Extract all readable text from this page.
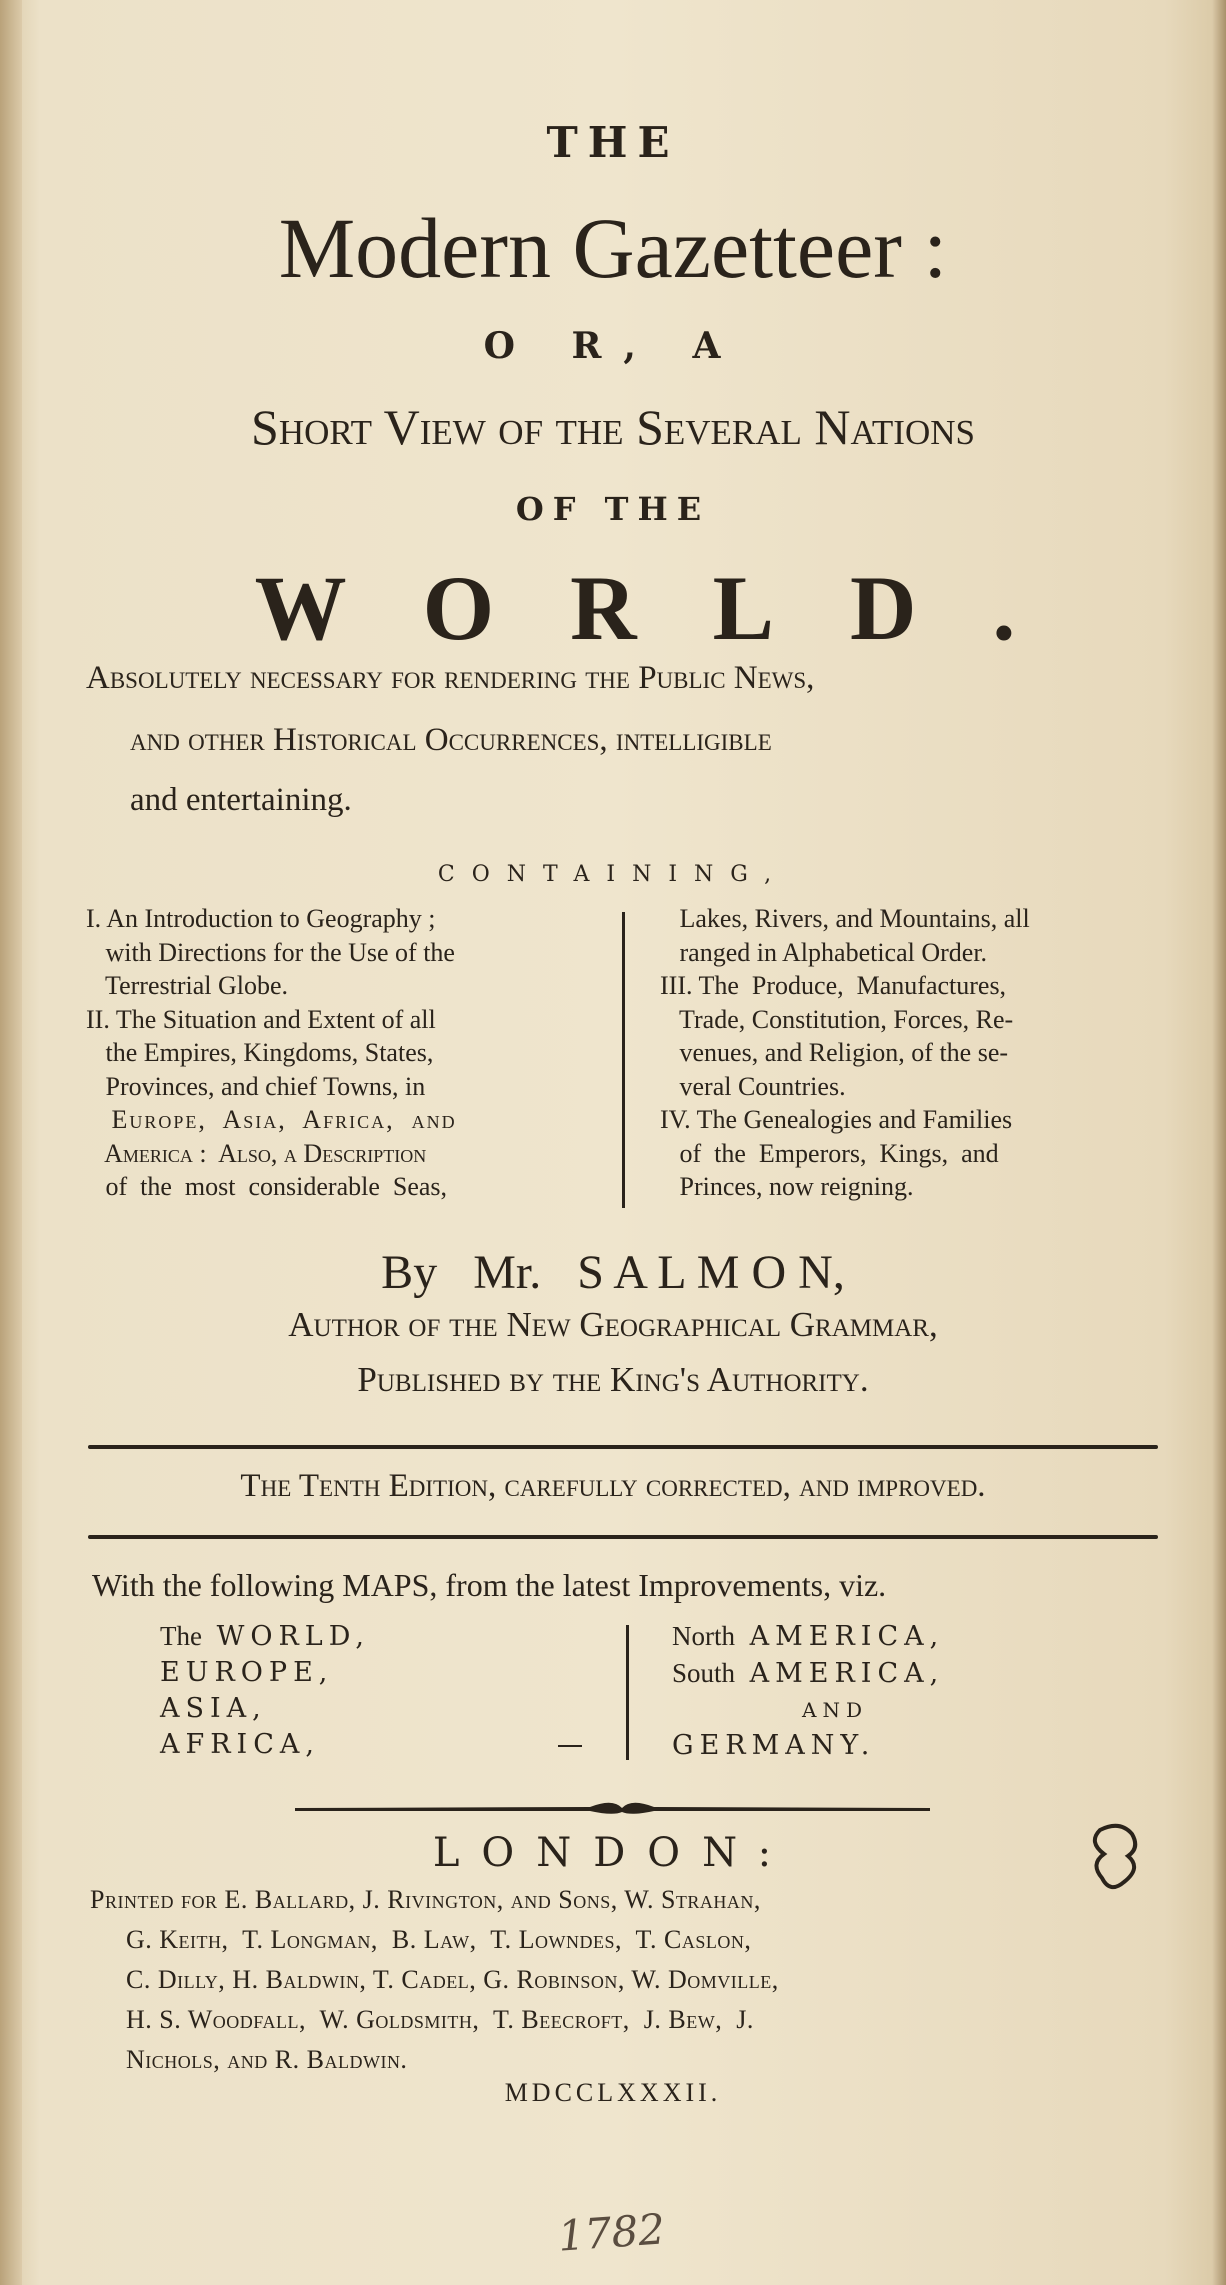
THE
Modern Gazetteer :
O R, A
Short View of the Several Nations
OF THE
WORLD.
Absolutely necessary for rendering the Public News,
and other Historical Occurrences, intelligible
and entertaining.
CONTAINING,
I. An Introduction to Geography ;
with Directions for the Use of the
Terrestrial Globe.
II. The Situation and Extent of all
the Empires, Kingdoms, States,
Provinces, and chief Towns, in
Europe,  Asia,  Africa,  and
America :  Also, a Description
of  the  most  considerable  Seas,
Lakes, Rivers, and Mountains, all
ranged in Alphabetical Order.
III. The  Produce,  Manufactures,
Trade, Constitution, Forces, Re-
venues, and Religion, of the se-
veral Countries.
IV. The Genealogies and Families
of  the  Emperors,  Kings,  and
Princes, now reigning.
By   Mr.   S A L M O N,
Author of the New Geographical Grammar,
Published by the King's Authority.
The Tenth Edition, carefully corrected, and improved.
With the following MAPS, from the latest Improvements, viz.
The WORLD,
EUROPE,
ASIA,
AFRICA,
North AMERICA,
South AMERICA,
AND
GERMANY.
LONDON:
Printed for E. Ballard, J. Rivington, and Sons, W. Strahan,
G. Keith,  T. Longman,  B. Law,  T. Lowndes,  T. Caslon,
C. Dilly, H. Baldwin, T. Cadel, G. Robinson, W. Domville,
H. S. Woodfall,  W. Goldsmith,  T. Beecroft,  J. Bew,  J.
Nichols, and R. Baldwin.
MDCCLXXXII.
1782
